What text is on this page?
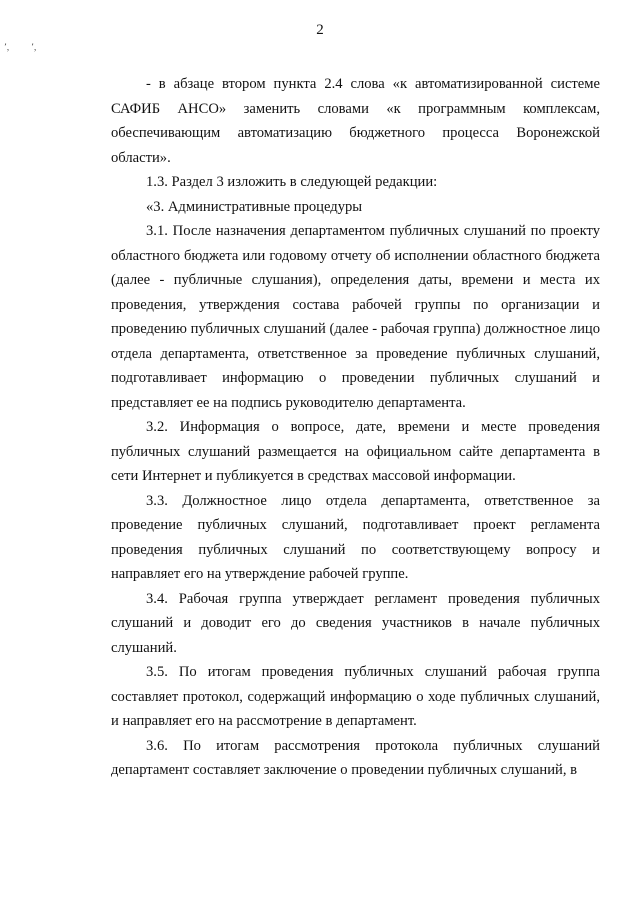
٬, ٬,
2

- в абзаце втором пункта 2.4 слова «к автоматизированной системе САФИБ АНСО» заменить словами «к программным комплексам, обеспечивающим автоматизацию бюджетного процесса Воронежской области».

1.3. Раздел 3 изложить в следующей редакции:

«3. Административные процедуры

3.1. После назначения департаментом публичных слушаний по проекту областного бюджета или годовому отчету об исполнении областного бюджета (далее - публичные слушания), определения даты, времени и места их проведения, утверждения состава рабочей группы по организации и проведению публичных слушаний (далее - рабочая группа) должностное лицо отдела департамента, ответственное за проведение публичных слушаний, подготавливает информацию о проведении публичных слушаний и представляет ее на подпись руководителю департамента.

3.2. Информация о вопросе, дате, времени и месте проведения публичных слушаний размещается на официальном сайте департамента в сети Интернет и публикуется в средствах массовой информации.

3.3. Должностное лицо отдела департамента, ответственное за проведение публичных слушаний, подготавливает проект регламента проведения публичных слушаний по соответствующему вопросу и направляет его на утверждение рабочей группе.

3.4. Рабочая группа утверждает регламент проведения публичных слушаний и доводит его до сведения участников в начале публичных слушаний.

3.5. По итогам проведения публичных слушаний рабочая группа составляет протокол, содержащий информацию о ходе публичных слушаний, и направляет его на рассмотрение в департамент.

3.6. По итогам рассмотрения протокола публичных слушаний департамент составляет заключение о проведении публичных слушаний, в
